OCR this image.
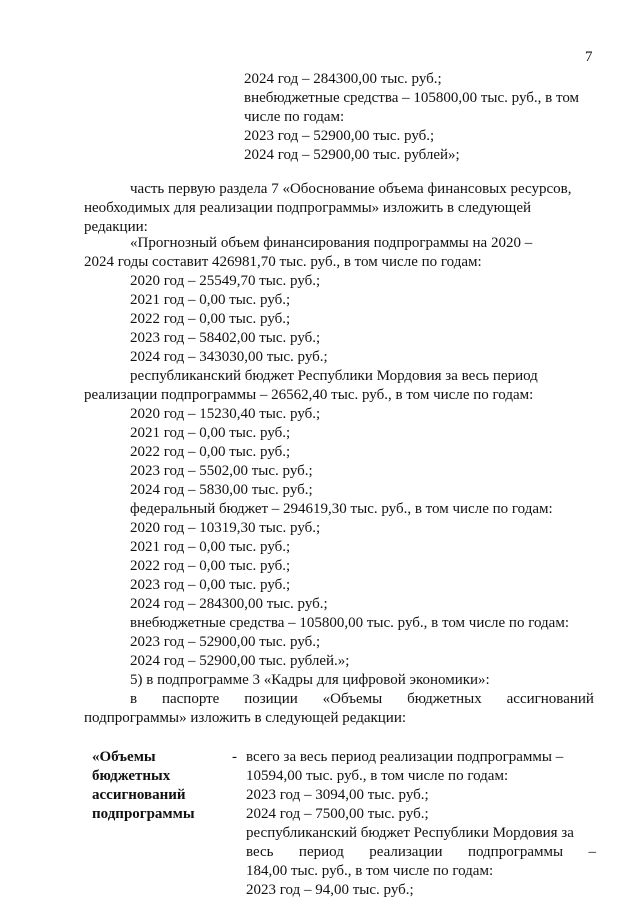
7
2024 год – 284300,00 тыс. руб.;
внебюджетные средства – 105800,00 тыс. руб., в том
числе по годам:
2023 год – 52900,00 тыс. руб.;
2024 год – 52900,00 тыс. рублей»;
часть первую раздела 7 «Обоснование объема финансовых ресурсов,
необходимых для реализации подпрограммы» изложить в следующей
редакции:
«Прогнозный объем финансирования подпрограммы на 2020 –
2024 годы составит 426981,70 тыс. руб., в том числе по годам:
2020 год – 25549,70 тыс. руб.;
2021 год – 0,00 тыс. руб.;
2022 год – 0,00 тыс. руб.;
2023 год – 58402,00 тыс. руб.;
2024 год – 343030,00 тыс. руб.;
республиканский бюджет Республики Мордовия за весь период
реализации подпрограммы – 26562,40 тыс. руб., в том числе по годам:
2020 год – 15230,40 тыс. руб.;
2021 год – 0,00 тыс. руб.;
2022 год – 0,00 тыс. руб.;
2023 год – 5502,00 тыс. руб.;
2024 год – 5830,00 тыс. руб.;
федеральный бюджет – 294619,30 тыс. руб., в том числе по годам:
2020 год – 10319,30 тыс. руб.;
2021 год – 0,00 тыс. руб.;
2022 год – 0,00 тыс. руб.;
2023 год – 0,00 тыс. руб.;
2024 год – 284300,00 тыс. руб.;
внебюджетные средства – 105800,00 тыс. руб., в том числе по годам:
2023 год – 52900,00 тыс. руб.;
2024 год – 52900,00 тыс. рублей.»;
5) в подпрограмме 3 «Кадры для цифровой экономики»:
в паспорте позиции «Объемы бюджетных ассигнований
подпрограммы» изложить в следующей редакции:
«Объемы
бюджетных
ассигнований
подпрограммы
- всего за весь период реализации подпрограммы –
10594,00 тыс. руб., в том числе по годам:
2023 год – 3094,00 тыс. руб.;
2024 год – 7500,00 тыс. руб.;
республиканский бюджет Республики Мордовия за
весь период реализации подпрограммы –
184,00 тыс. руб., в том числе по годам:
2023 год – 94,00 тыс. руб.;
